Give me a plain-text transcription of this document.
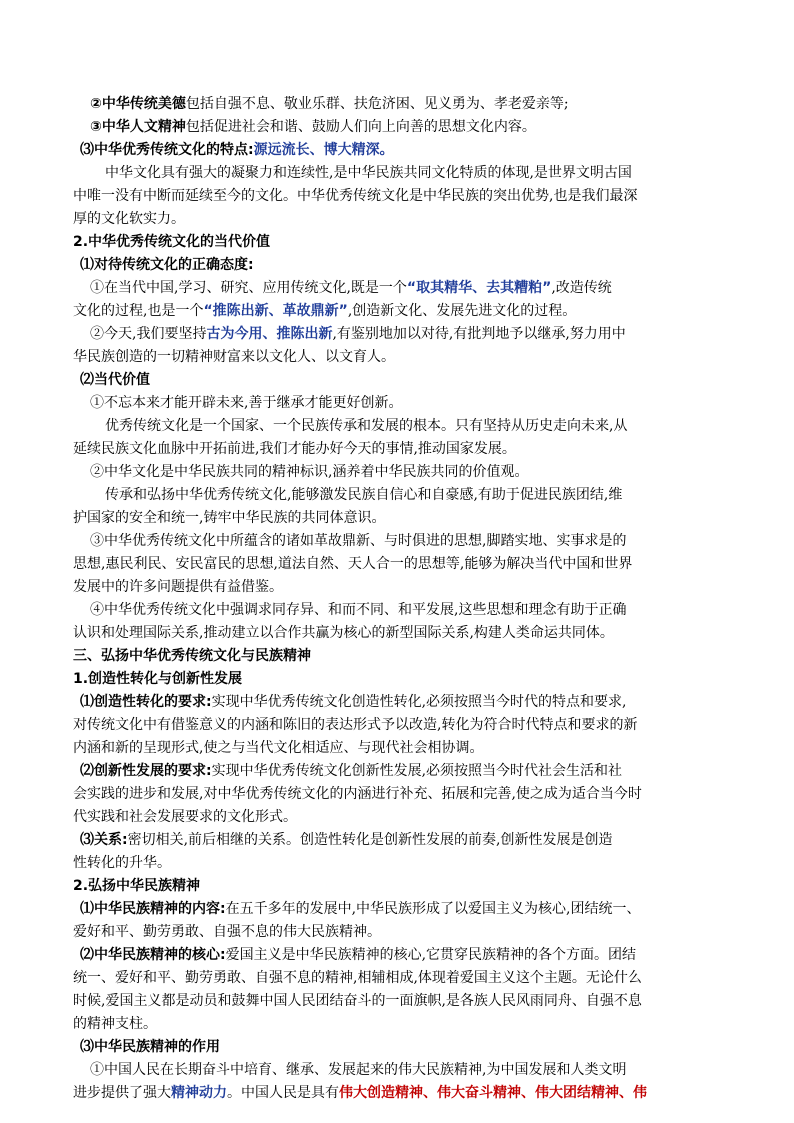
②中华传统美德包括自强不息、敬业乐群、扶危济困、见义勇为、孝老爱亲等;
③中华人文精神包括促进社会和谐、鼓励人们向上向善的思想文化内容。
⑶中华优秀传统文化的特点:源远流长、博大精深。
中华文化具有强大的凝聚力和连续性,是中华民族共同文化特质的体现,是世界文明古国
中唯一没有中断而延续至今的文化。中华优秀传统文化是中华民族的突出优势,也是我们最深
厚的文化软实力。
2.中华优秀传统文化的当代价值
⑴对待传统文化的正确态度:
①在当代中国,学习、研究、应用传统文化,既是一个“取其精华、去其糟粕”,改造传统
文化的过程,也是一个“推陈出新、革故鼎新”,创造新文化、发展先进文化的过程。
②今天,我们要坚持古为今用、推陈出新,有鉴别地加以对待,有批判地予以继承,努力用中
华民族创造的一切精神财富来以文化人、以文育人。
⑵当代价值
①不忘本来才能开辟未来,善于继承才能更好创新。
优秀传统文化是一个国家、一个民族传承和发展的根本。只有坚持从历史走向未来,从
延续民族文化血脉中开拓前进,我们才能办好今天的事情,推动国家发展。
②中华文化是中华民族共同的精神标识,涵养着中华民族共同的价值观。
传承和弘扬中华优秀传统文化,能够激发民族自信心和自豪感,有助于促进民族团结,维
护国家的安全和统一,铸牢中华民族的共同体意识。
③中华优秀传统文化中所蕴含的诸如革故鼎新、与时俱进的思想,脚踏实地、实事求是的
思想,惠民利民、安民富民的思想,道法自然、天人合一的思想等,能够为解决当代中国和世界
发展中的许多问题提供有益借鉴。
④中华优秀传统文化中强调求同存异、和而不同、和平发展,这些思想和理念有助于正确
认识和处理国际关系,推动建立以合作共赢为核心的新型国际关系,构建人类命运共同体。
三、弘扬中华优秀传统文化与民族精神
1.创造性转化与创新性发展
⑴创造性转化的要求:实现中华优秀传统文化创造性转化,必须按照当今时代的特点和要求,
对传统文化中有借鉴意义的内涵和陈旧的表达形式予以改造,转化为符合时代特点和要求的新
内涵和新的呈现形式,使之与当代文化相适应、与现代社会相协调。
⑵创新性发展的要求:实现中华优秀传统文化创新性发展,必须按照当今时代社会生活和社
会实践的进步和发展,对中华优秀传统文化的内涵进行补充、拓展和完善,使之成为适合当今时
代实践和社会发展要求的文化形式。
⑶关系:密切相关,前后相继的关系。创造性转化是创新性发展的前奏,创新性发展是创造
性转化的升华。
2.弘扬中华民族精神
⑴中华民族精神的内容:在五千多年的发展中,中华民族形成了以爱国主义为核心,团结统一、
爱好和平、勤劳勇敢、自强不息的伟大民族精神。
⑵中华民族精神的核心:爱国主义是中华民族精神的核心,它贯穿民族精神的各个方面。团结
统一、爱好和平、勤劳勇敢、自强不息的精神,相辅相成,体现着爱国主义这个主题。无论什么
时候,爱国主义都是动员和鼓舞中国人民团结奋斗的一面旗帜,是各族人民风雨同舟、自强不息
的精神支柱。
⑶中华民族精神的作用
①中国人民在长期奋斗中培育、继承、发展起来的伟大民族精神,为中国发展和人类文明
进步提供了强大精神动力。中国人民是具有伟大创造精神、伟大奋斗精神、伟大团结精神、伟
